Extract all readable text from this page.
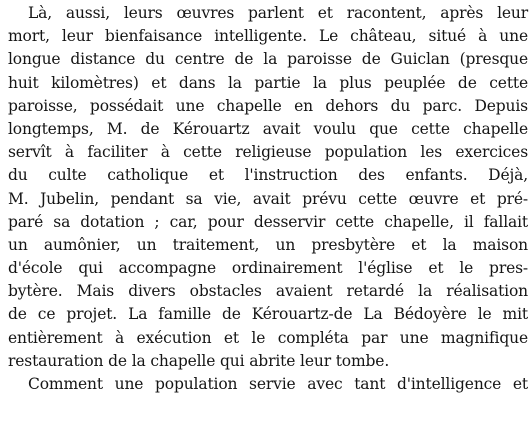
Là, aussi, leurs œuvres parlent et racontent, après leur
mort, leur bienfaisance intelligente. Le château, situé à une
longue distance du centre de la paroisse de Guiclan (presque
huit kilomètres) et dans la partie la plus peuplée de cette
paroisse, possédait une chapelle en dehors du parc. Depuis
longtemps, M. de Kérouartz avait voulu que cette chapelle
servît à faciliter à cette religieuse population les exercices
du culte catholique et l'instruction des enfants. Déjà,
M. Jubelin, pendant sa vie, avait prévu cette œuvre et pré-
paré sa dotation ; car, pour desservir cette chapelle, il fallait
un aumônier, un traitement, un presbytère et la maison
d'école qui accompagne ordinairement l'église et le pres-
bytère. Mais divers obstacles avaient retardé la réalisation
de ce projet. La famille de Kérouartz-de La Bédoyère le mit
entièrement à exécution et le compléta par une magnifique
restauration de la chapelle qui abrite leur tombe.
Comment une population servie avec tant d'intelligence et
